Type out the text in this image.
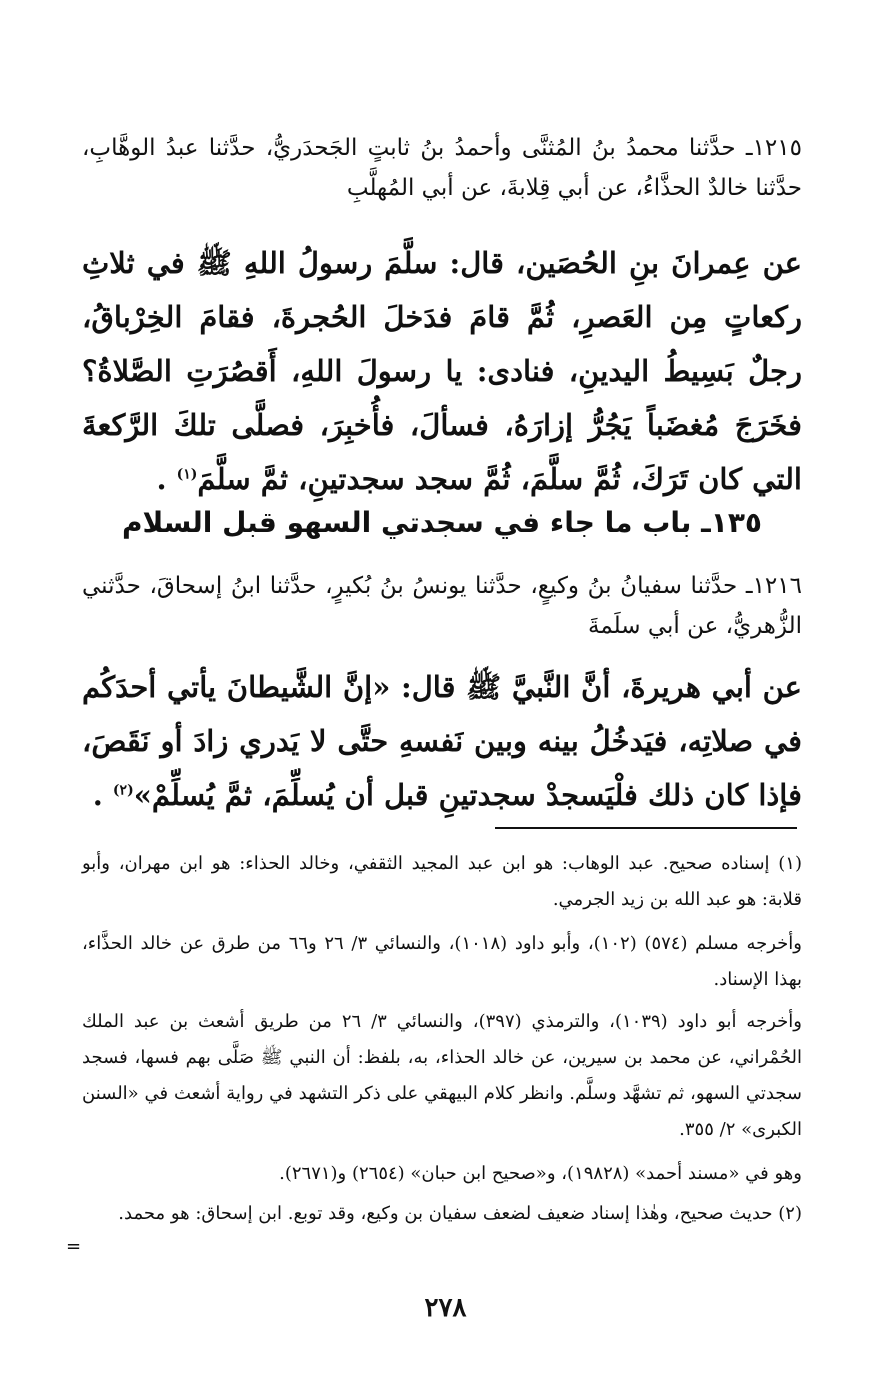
١٢١٥ـ حدَّثنا محمدُ بنُ المُثنَّى وأحمدُ بنُ ثابتٍ الجَحدَريُّ، حدَّثنا عبدُ الوهَّابِ، حدَّثنا خالدٌ الحذَّاءُ، عن أبي قِلابةَ، عن أبي المُهلَّبِ

عن عِمرانَ بنِ الحُصَين، قال: سلَّمَ رسولُ اللهِ ﷺ في ثلاثِ ركعاتٍ مِن العَصرِ، ثُمَّ قامَ فدَخلَ الحُجرةَ، فقامَ الخِرْباقُ، رجلٌ بَسِيطُ اليدينِ، فنادى: يا رسولَ اللهِ، أَقصُرَتِ الصَّلاةُ؟ فخَرَجَ مُغضَباً يَجُرُّ إزارَهُ، فسألَ، فأُخبِرَ، فصلَّى تلكَ الرَّكعةَ التي كان تَرَكَ، ثُمَّ سلَّمَ، ثُمَّ سجد سجدتينِ، ثمَّ سلَّمَ$^{(١)}$ .

١٣٥ـ باب ما جاء في سجدتي السهو قبل السلام

١٢١٦ـ حدَّثنا سفيانُ بنُ وكيعٍ، حدَّثنا يونسُ بنُ بُكيرٍ، حدَّثنا ابنُ إسحاقَ، حدَّثني الزُّهريُّ، عن أبي سلَمةَ

عن أبي هريرةَ، أنَّ النَّبيَّ ﷺ قال: «إنَّ الشَّيطانَ يأتي أحدَكُم في صلاتِه، فيَدخُلُ بينه وبين نَفسهِ حتَّى لا يَدري زادَ أو نَقَصَ، فإذا كان ذلك فلْيَسجدْ سجدتينِ قبل أن يُسلِّمَ، ثمَّ يُسلِّمْ»$^{(٢)}$ .

(١) إسناده صحيح. عبد الوهاب: هو ابن عبد المجيد الثقفي، وخالد الحذاء: هو ابن مهران، وأبو قلابة: هو عبد الله بن زيد الجرمي.

وأخرجه مسلم (٥٧٤) (١٠٢)، وأبو داود (١٠١٨)، والنسائي ٣/ ٢٦ و٦٦ من طرق عن خالد الحذَّاء، بهذا الإسناد.

وأخرجه أبو داود (١٠٣٩)، والترمذي (٣٩٧)، والنسائي ٣/ ٢٦ من طريق أشعث بن عبد الملك الحُمْراني، عن محمد بن سيرين، عن خالد الحذاء، به، بلفظ: أن النبي ﷺ صَلَّى بهم فسها، فسجد سجدتي السهو، ثم تشهَّد وسلَّم. وانظر كلام البيهقي على ذكر التشهد في رواية أشعث في «السنن الكبرى» ٢/ ٣٥٥.

وهو في «مسند أحمد» (١٩٨٢٨)، و«صحيح ابن حبان» (٢٦٥٤) و(٢٦٧١).

(٢) حديث صحيح، وهٰذا إسناد ضعيف لضعف سفيان بن وكيع، وقد توبع. ابن إسحاق: هو محمد.

=
٢٧٨
